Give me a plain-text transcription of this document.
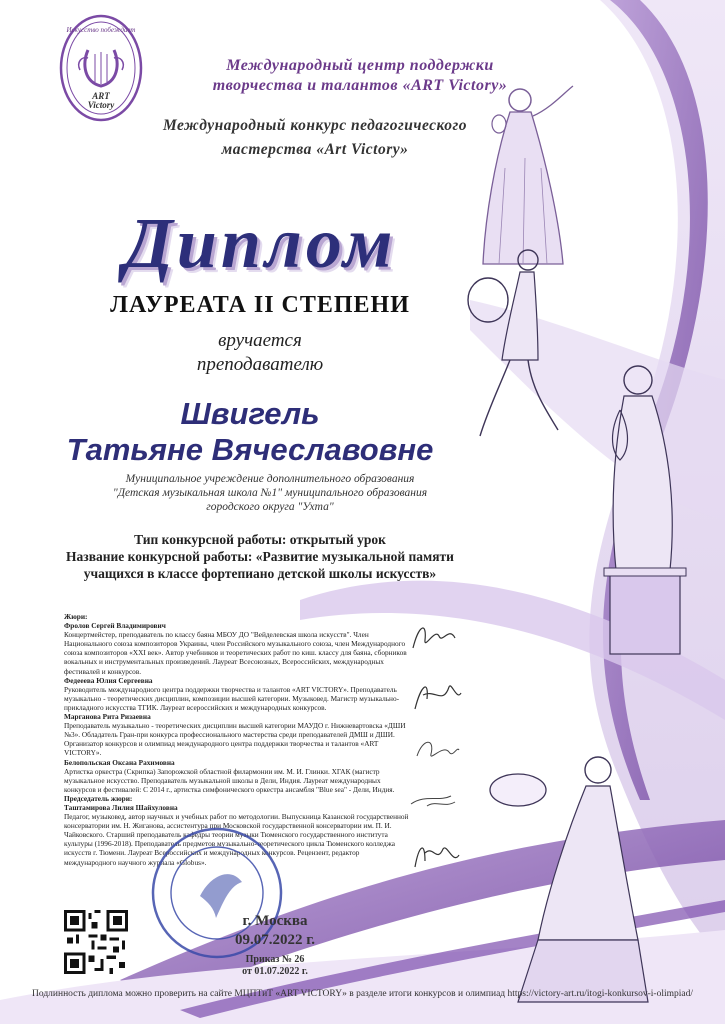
Искусство побеждает
ART
Victory
Международный центр поддержки
творчества и талантов «ART Victory»
Международный конкурс педагогического
мастерства «Art Victory»
Диплом
ЛАУРЕАТА II СТЕПЕНИ
вручается
преподавателю
Швигель
Татьяне Вячеславовне
Муниципальное учреждение дополнительного образования
"Детская музыкальная школа №1" муниципального образования
городского округа "Ухта"
Тип конкурсной работы: открытый урок
Название конкурсной работы: «Развитие музыкальной памяти
учащихся в классе фортепиано детской школы искусств»

Жюри:

Фролов Сергей Владимирович

Концертмейстер, преподаватель по классу баяна МБОУ ДО "Вейделевская школа искусств". Член Национального союза композиторов Украины, член Российского музыкального союза, член Международного союза композиторов «XXI век». Автор учебников и теоретических работ по киш. классу для баяна, сборников вокальных и инструментальных произведений. Лауреат Всесоюзных, Всероссийских, международных фестивалей и конкурсов.

Федееева Юлия Сергеевна

Руководитель международного центра поддержки творчества и талантов «ART VICTORY». Преподаватель музыкально - теоретических дисциплин, композиции высшей категории. Музыковед. Магистр музыкально-прикладного искусства ТГИК. Лауреат всероссийских и международных конкурсов.

Марганова Рита Ризаевна

Преподаватель музыкально - теоретических дисциплин высшей категории МАУДО г. Нижневартовска «ДШИ №3». Обладатель Гран-при конкурса профессионального мастерства среди преподавателей ДМШ и ДШИ. Организатор конкурсов и олимпиад международного центра поддержки творчества и талантов «ART VICTORY».

Белопольская Оксана Рахимовна

Артистка оркестра (Скрипка) Запорожской областной филармонии им. М. И. Глинки. ХГАК (магистр музыкальное искусство. Преподаватель музыкальной школы в Дели, Индия. Лауреат международных конкурсов и фестивалей: С 2014 г., артистка симфонического оркестра ансамбля "Blue sea" - Дели, Индия.

Председатель жюри:

Таштамирова Лилия Шайхуловна

Педагог, музыковед, автор научных и учебных работ по методологии. Выпускница Казанской государственной консерватории им. Н. Жиганова, ассистентура при Московской государственной консерватории им. П. И. Чайковского. Старший преподаватель кафедры теории музыки Тюменского государственного института культуры (1996-2018). Преподаватель предметов музыкально-теоретического цикла Тюменского колледжа искусств г. Тюмени. Лауреат Всероссийских и международных конкурсов. Рецензент, редактор международного научного журнала «Globus».

г. Москва
09.07.2022 г.
Приказ № 26
от 01.07.2022 г.
Подлинность диплома можно проверить на сайте МЦПТиТ «ART VICTORY» в разделе итоги конкурсов и олимпиад https://victory-art.ru/itogi-konkursov-i-olimpiad/
